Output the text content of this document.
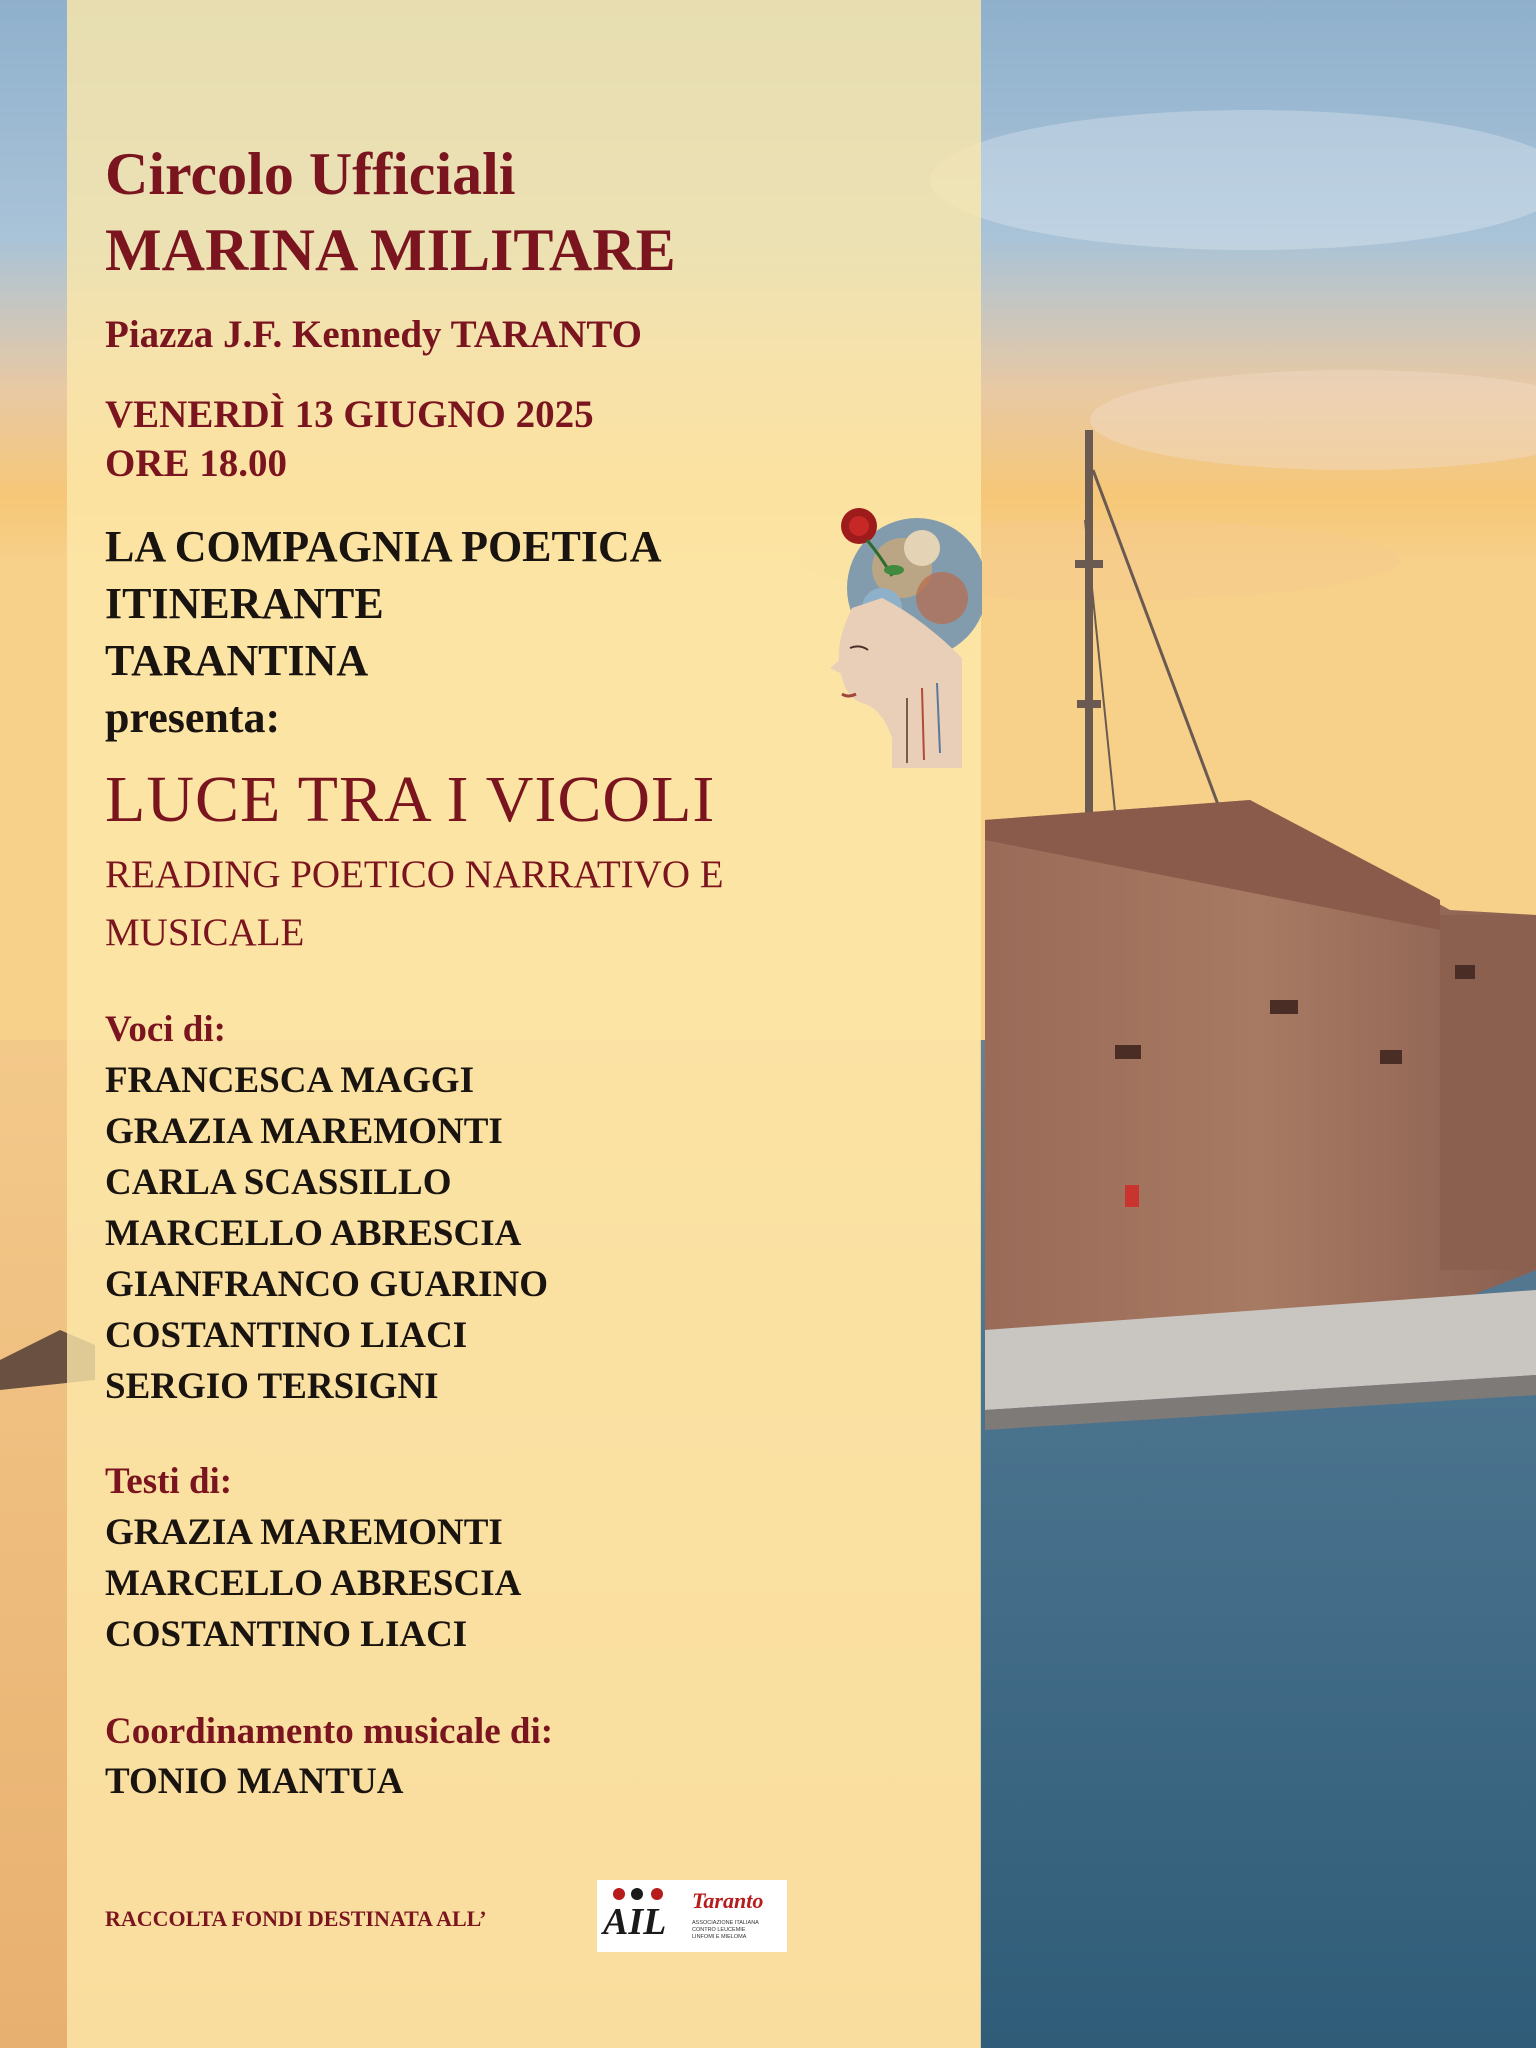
Circolo Ufficiali

MARINA MILITARE

Piazza J.F. Kennedy TARANTO

VENERDÌ 13 GIUGNO 2025

ORE 18.00

LA COMPAGNIA POETICA

ITINERANTE

TARANTINA

presenta:

LUCE TRA I VICOLI

READING POETICO NARRATIVO E

MUSICALE

Voci di:

FRANCESCA MAGGI
GRAZIA MAREMONTI
CARLA SCASSILLO
MARCELLO ABRESCIA
GIANFRANCO GUARINO
COSTANTINO LIACI
SERGIO TERSIGNI

Testi di:

GRAZIA MAREMONTI
MARCELLO ABRESCIA
COSTANTINO LIACI

Coordinamento musicale di:

TONIO MANTUA

RACCOLTA FONDI DESTINATA ALL’	AIL
Taranto
ASSOCIAZIONE ITALIANA
CONTRO LEUCEMIE
LINFOMI E MIELOMA
